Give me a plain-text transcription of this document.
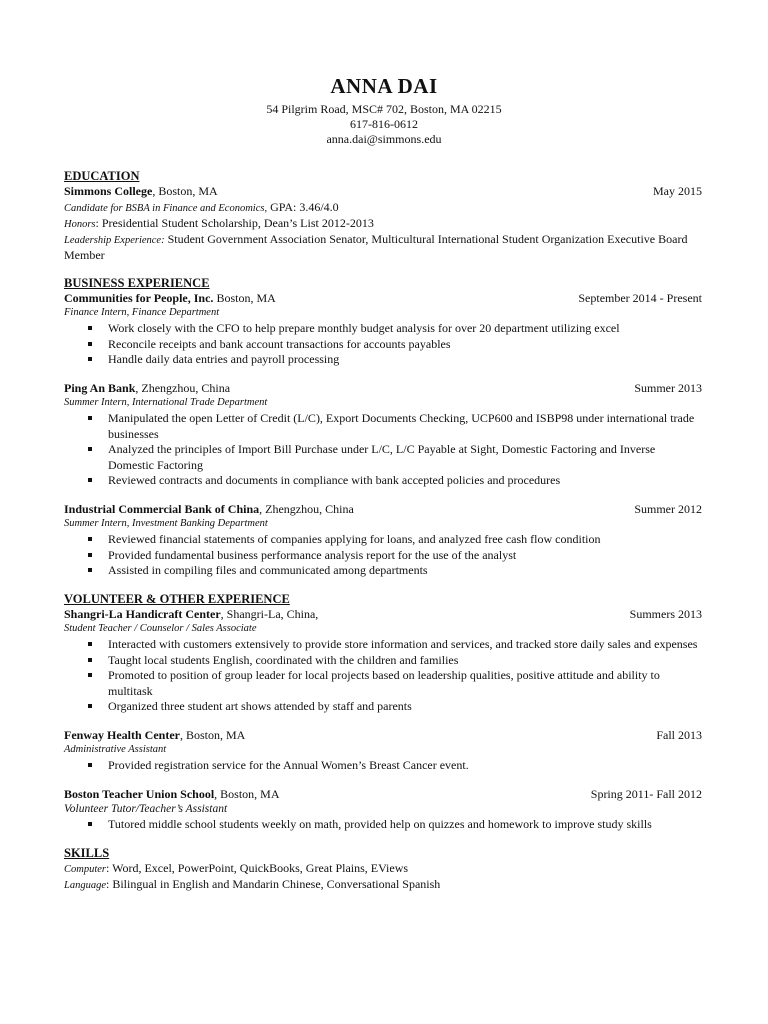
ANNA DAI
54 Pilgrim Road, MSC# 702, Boston, MA 02215
617-816-0612
anna.dai@simmons.edu
EDUCATION
Simmons College, Boston, MA	May 2015
Candidate for BSBA in Finance and Economics, GPA: 3.46/4.0
Honors: Presidential Student Scholarship, Dean’s List 2012-2013
Leadership Experience: Student Government Association Senator, Multicultural International Student Organization Executive Board Member
BUSINESS EXPERIENCE
Communities for People, Inc. Boston, MA	September 2014 - Present
Finance Intern, Finance Department
Work closely with the CFO to help prepare monthly budget analysis for over 20 department utilizing excel
Reconcile receipts and bank account transactions for accounts payables
Handle daily data entries and payroll processing
Ping An Bank, Zhengzhou, China	Summer 2013
Summer Intern, International Trade Department
Manipulated the open Letter of Credit (L/C), Export Documents Checking, UCP600 and ISBP98 under international trade businesses
Analyzed the principles of Import Bill Purchase under L/C, L/C Payable at Sight, Domestic Factoring and Inverse Domestic Factoring
Reviewed contracts and documents in compliance with bank accepted policies and procedures
Industrial Commercial Bank of China, Zhengzhou, China	Summer 2012
Summer Intern, Investment Banking Department
Reviewed financial statements of companies applying for loans, and analyzed free cash flow condition
Provided fundamental business performance analysis report for the use of the analyst
Assisted in compiling files and communicated among departments
VOLUNTEER & OTHER EXPERIENCE
Shangri-La Handicraft Center, Shangri-La, China,	Summers 2013
Student Teacher / Counselor / Sales Associate
Interacted with customers extensively to provide store information and services, and tracked store daily sales and expenses
Taught local students English, coordinated with the children and families
Promoted to position of group leader for local projects based on leadership qualities, positive attitude and ability to multitask
Organized three student art shows attended by staff and parents
Fenway Health Center, Boston, MA	Fall 2013
Administrative Assistant
Provided registration service for the Annual Women’s Breast Cancer event.
Boston Teacher Union School, Boston, MA	Spring 2011- Fall 2012
Volunteer Tutor/Teacher’s Assistant
Tutored middle school students weekly on math, provided help on quizzes and homework to improve study skills
SKILLS
Computer: Word, Excel, PowerPoint, QuickBooks, Great Plains, EViews
Language: Bilingual in English and Mandarin Chinese, Conversational Spanish
